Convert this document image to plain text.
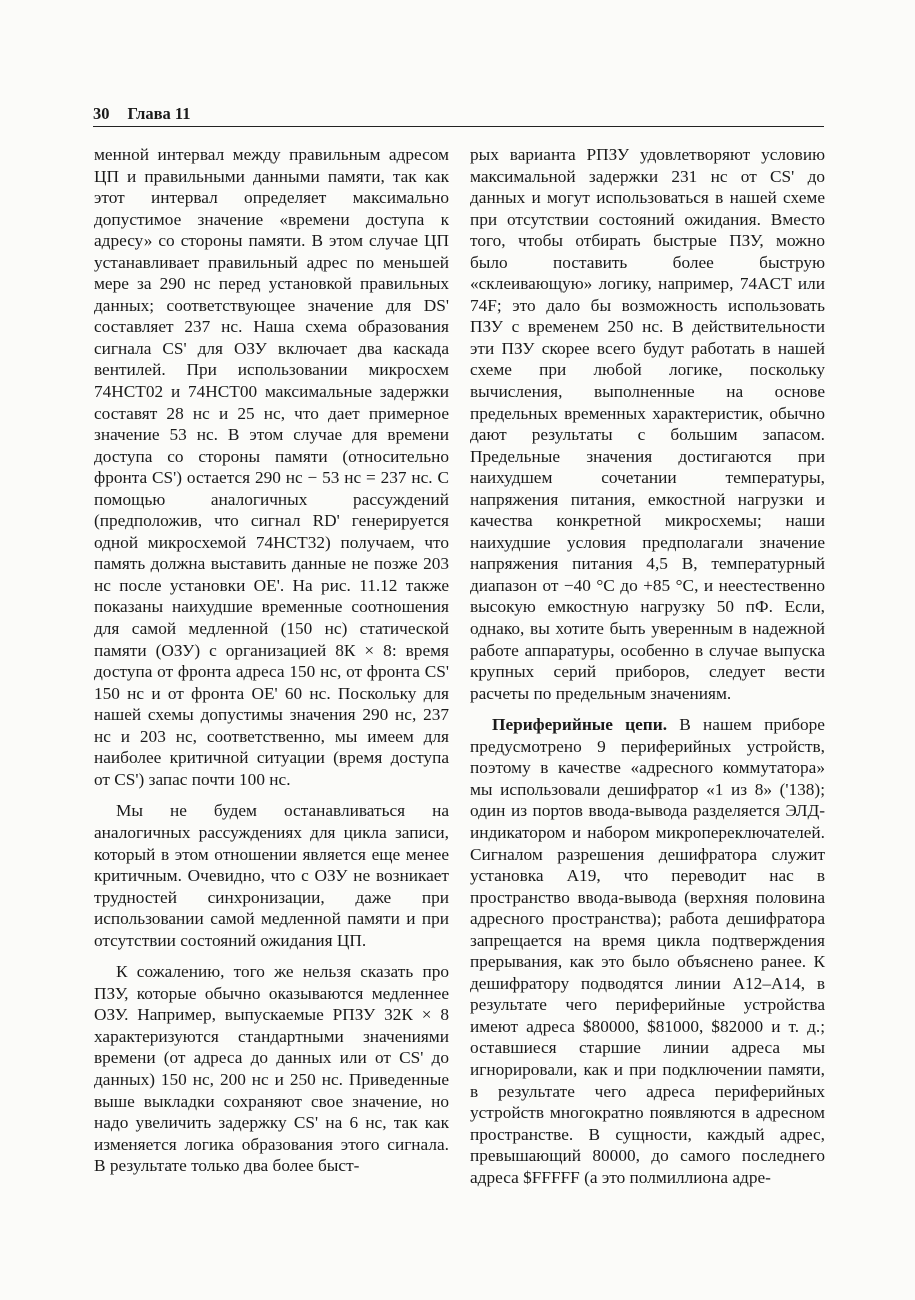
30 Глава 11

менной интервал между правильным адресом ЦП и правильными данными памяти, так как этот интервал определяет максимально допустимое значение «времени доступа к адресу» со стороны памяти. В этом случае ЦП устанавливает правильный адрес по меньшей мере за 290 нс перед установкой правильных данных; соответствующее значение для DS' составляет 237 нс. Наша схема образования сигнала CS' для ОЗУ включает два каскада вентилей. При использовании микросхем 74НСТ02 и 74НСТ00 максимальные задержки составят 28 нс и 25 нс, что дает примерное значение 53 нс. В этом случае для времени доступа со стороны памяти (относительно фронта CS') остается 290 нс − 53 нс = 237 нс. С помощью аналогичных рассуждений (предположив, что сигнал RD' генерируется одной микросхемой 74НСТ32) получаем, что память должна выставить данные не позже 203 нс после установки OE'. На рис. 11.12 также показаны наихудшие временные соотношения для самой медленной (150 нс) статической памяти (ОЗУ) с организацией 8К × 8: время доступа от фронта адреса 150 нс, от фронта CS' 150 нс и от фронта OE' 60 нс. Поскольку для нашей схемы допустимы значения 290 нс, 237 нс и 203 нс, соответственно, мы имеем для наиболее критичной ситуации (время доступа от CS') запас почти 100 нс.

Мы не будем останавливаться на аналогичных рассуждениях для цикла записи, который в этом отношении является еще менее критичным. Очевидно, что с ОЗУ не возникает трудностей синхронизации, даже при использовании самой медленной памяти и при отсутствии состояний ожидания ЦП.

К сожалению, того же нельзя сказать про ПЗУ, которые обычно оказываются медленнее ОЗУ. Например, выпускаемые РПЗУ 32К × 8 характеризуются стандартными значениями времени (от адреса до данных или от CS' до данных) 150 нс, 200 нс и 250 нс. Приведенные выше выкладки сохраняют свое значение, но надо увеличить задержку CS' на 6 нс, так как изменяется логика образования этого сигнала. В результате только два более быст-

рых варианта РПЗУ удовлетворяют условию максимальной задержки 231 нс от CS' до данных и могут использоваться в нашей схеме при отсутствии состояний ожидания. Вместо того, чтобы отбирать быстрые ПЗУ, можно было поставить более быструю «склеивающую» логику, например, 74ACT или 74F; это дало бы возможность использовать ПЗУ с временем 250 нс. В действительности эти ПЗУ скорее всего будут работать в нашей схеме при любой логике, поскольку вычисления, выполненные на основе предельных временных характеристик, обычно дают результаты с большим запасом. Предельные значения достигаются при наихудшем сочетании температуры, напряжения питания, емкостной нагрузки и качества конкретной микросхемы; наши наихудшие условия предполагали значение напряжения питания 4,5 В, температурный диапазон от −40 °C до +85 °C, и неестественно высокую емкостную нагрузку 50 пФ. Если, однако, вы хотите быть уверенным в надежной работе аппаратуры, особенно в случае выпуска крупных серий приборов, следует вести расчеты по предельным значениям.

Периферийные цепи. В нашем приборе предусмотрено 9 периферийных устройств, поэтому в качестве «адресного коммутатора» мы использовали дешифратор «1 из 8» ('138); один из портов ввода-вывода разделяется ЭЛД-индикатором и набором микропереключателей. Сигналом разрешения дешифратора служит установка A19, что переводит нас в пространство ввода-вывода (верхняя половина адресного пространства); работа дешифратора запрещается на время цикла подтверждения прерывания, как это было объяснено ранее. К дешифратору подводятся линии A12–A14, в результате чего периферийные устройства имеют адреса $80000, $81000, $82000 и т. д.; оставшиеся старшие линии адреса мы игнорировали, как и при подключении памяти, в результате чего адреса периферийных устройств многократно появляются в адресном пространстве. В сущности, каждый адрес, превышающий 80000, до самого последнего адреса $FFFFF (а это полмиллиона адре-
